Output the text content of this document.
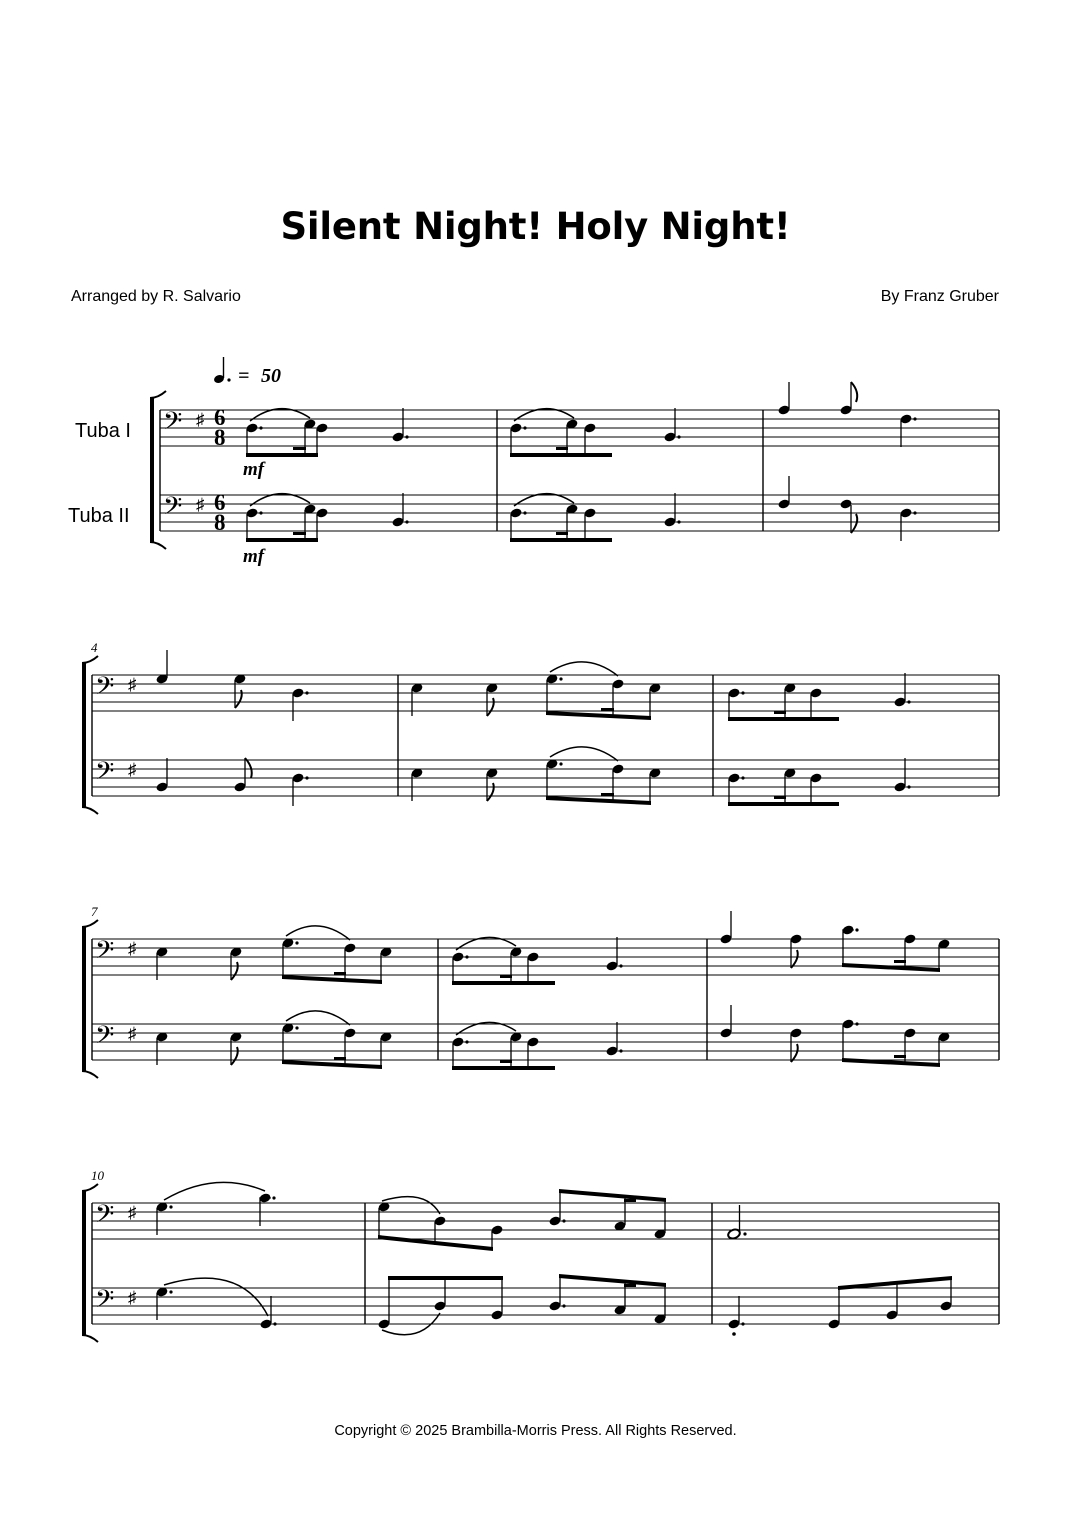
Silent Night! Holy Night!
Arranged by R. Salvario	By Franz Gruber
= 50
Tuba I
Tuba II
𝄢
𝄢
♯
♯
6
8
6
8
mf
mf
4
𝄢
𝄢
♯
♯
7
𝄢
𝄢
♯
♯
10
𝄢
𝄢
♯
♯
Copyright © 2025 Brambilla-Morris Press. All Rights Reserved.
